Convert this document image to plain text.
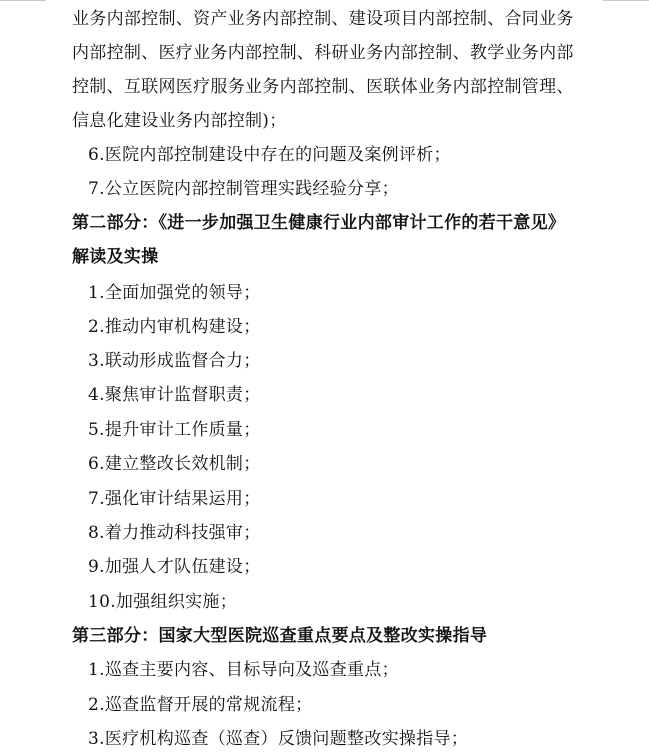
业务内部控制、资产业务内部控制、建设项目内部控制、合同业务
内部控制、医疗业务内部控制、科研业务内部控制、教学业务内部
控制、互联网医疗服务业务内部控制、医联体业务内部控制管理、
信息化建设业务内部控制)；
6.医院内部控制建设中存在的问题及案例评析；
7.公立医院内部控制管理实践经验分享；
第二部分：《进一步加强卫生健康行业内部审计工作的若干意见》
解读及实操
1.全面加强党的领导；
2.推动内审机构建设；
3.联动形成监督合力；
4.聚焦审计监督职责；
5.提升审计工作质量；
6.建立整改长效机制；
7.强化审计结果运用；
8.着力推动科技强审；
9.加强人才队伍建设；
10.加强组织实施；
第三部分：国家大型医院巡查重点要点及整改实操指导
1.巡查主要内容、目标导向及巡查重点；
2.巡查监督开展的常规流程；
3.医疗机构巡查（巡查）反馈问题整改实操指导；
